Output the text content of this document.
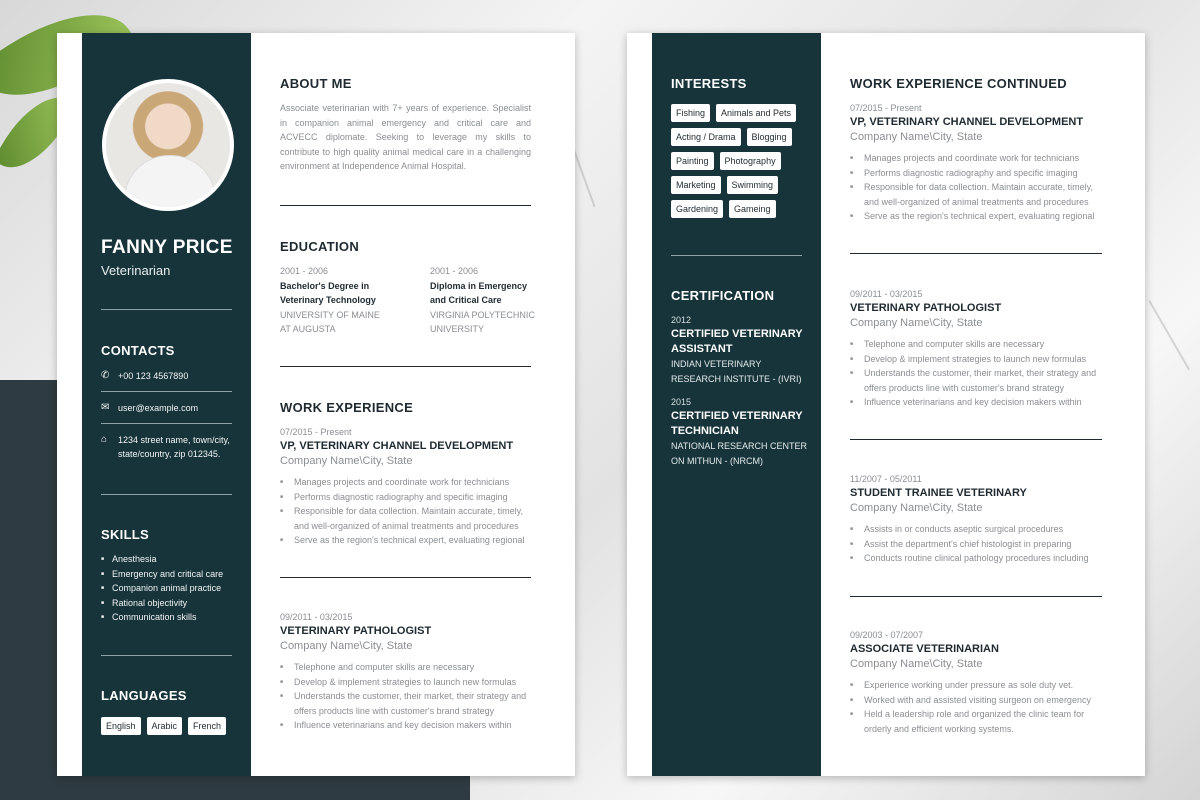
FANNY PRICE
Veterinarian
CONTACTS
✆ +00 123 4567890
✉ user@example.com
⌂ 1234 street name, town/city,
state/country, zip 012345.
SKILLS
■ Anesthesia
■ Emergency and critical care
■ Companion animal practice
■ Rational objectivity
■ Communication skills
LANGUAGES
English	Arabic	French
ABOUT ME
Associate veterinarian with 7+ years of experience. Specialist in companion animal emergency and critical care and ACVECC diplomate. Seeking to leverage my skills to contribute to high quality animal medical care in a challenging environment at Independence Animal Hospital.
EDUCATION
2001 - 2006
Bachelor's Degree in
Veterinary Technology
UNIVERSITY OF MAINE
AT AUGUSTA
2001 - 2006
Diploma in Emergency
and Critical Care
VIRGINIA POLYTECHNIC
UNIVERSITY
WORK EXPERIENCE
07/2015 - Present
VP, VETERINARY CHANNEL DEVELOPMENT
Company Name\City, State
■ Manages projects and coordinate work for technicians
■ Performs diagnostic radiography and specific imaging
■ Responsible for data collection. Maintain accurate, timely, and well-organized of animal treatments and procedures
■ Serve as the region's technical expert, evaluating regional
09/2011 - 03/2015
VETERINARY PATHOLOGIST
Company Name\City, State
■ Telephone and computer skills are necessary
■ Develop & implement strategies to launch new formulas
■ Understands the customer, their market, their strategy and offers products line with customer's brand strategy
■ Influence veterinarians and key decision makers within
INTERESTS
Fishing	Animals and Pets
Acting / Drama	Blogging
Painting	Photography
Marketing	Swimming
Gardening	Gameing
CERTIFICATION
2012
CERTIFIED VETERINARY
ASSISTANT
INDIAN VETERINARY
RESEARCH INSTITUTE - (IVRI)
2015
CERTIFIED VETERINARY
TECHNICIAN
NATIONAL RESEARCH CENTER
ON MITHUN - (NRCM)
WORK EXPERIENCE CONTINUED
07/2015 - Present
VP, VETERINARY CHANNEL DEVELOPMENT
Company Name\City, State
■ Manages projects and coordinate work for technicians
■ Performs diagnostic radiography and specific imaging
■ Responsible for data collection. Maintain accurate, timely, and well-organized of animal treatments and procedures
■ Serve as the region's technical expert, evaluating regional
09/2011 - 03/2015
VETERINARY PATHOLOGIST
Company Name\City, State
■ Telephone and computer skills are necessary
■ Develop & implement strategies to launch new formulas
■ Understands the customer, their market, their strategy and offers products line with customer's brand strategy
■ Influence veterinarians and key decision makers within
11/2007 - 05/2011
STUDENT TRAINEE VETERINARY
Company Name\City, State
■ Assists in or conducts aseptic surgical procedures
■ Assist the department's chief histologist in preparing
■ Conducts routine clinical pathology procedures including
09/2003 - 07/2007
ASSOCIATE VETERINARIAN
Company Name\City, State
■ Experience working under pressure as sole duty vet.
■ Worked with and assisted visiting surgeon on emergency
■ Held a leadership role and organized the clinic team for orderly and efficient working systems.
